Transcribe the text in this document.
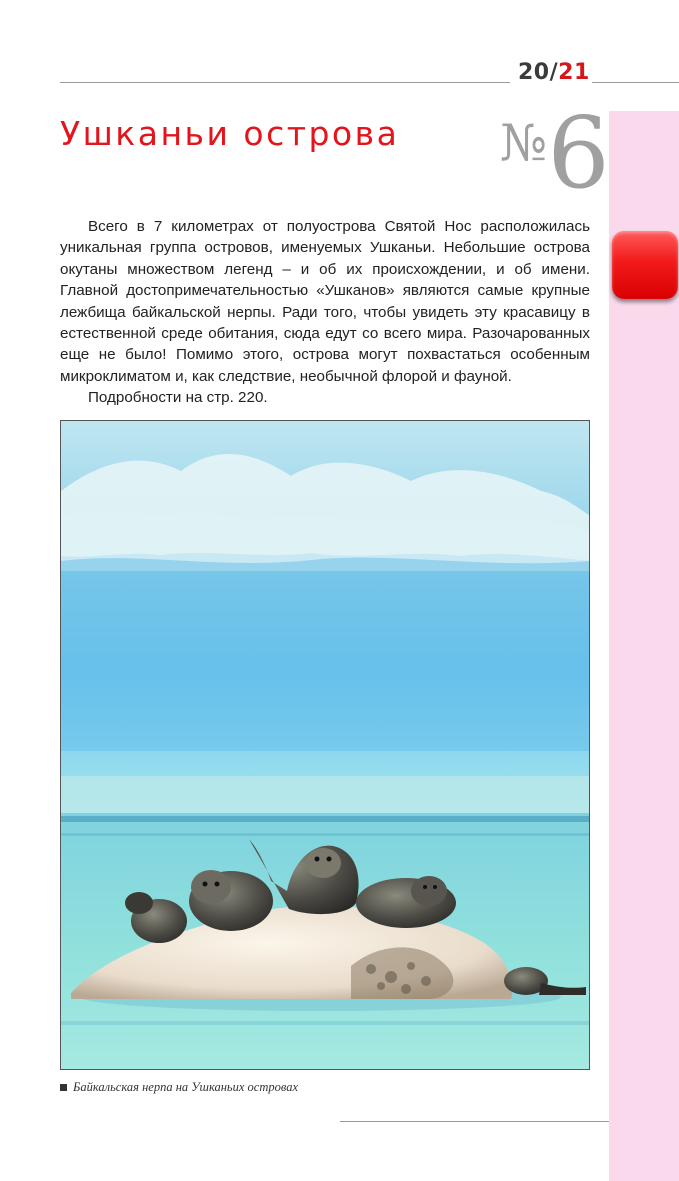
20/21
Ушканьи острова №6

Всего в 7 километрах от полуострова Святой Нос расположилась уникальная группа островов, именуемых Ушканьи. Небольшие острова окутаны множеством легенд – и об их происхождении, и об имени. Главной достопримечательностью «Ушканов» являются самые крупные лежбища байкальской нерпы. Ради того, чтобы увидеть эту красавицу в естественной среде обитания, сюда едут со всего мира. Разочарованных еще не было! Помимо этого, острова могут похвастаться особенным микроклиматом и, как следствие, необычной флорой и фауной.

Подробности на стр. 220.

Байкальская нерпа на Ушканьих островах
